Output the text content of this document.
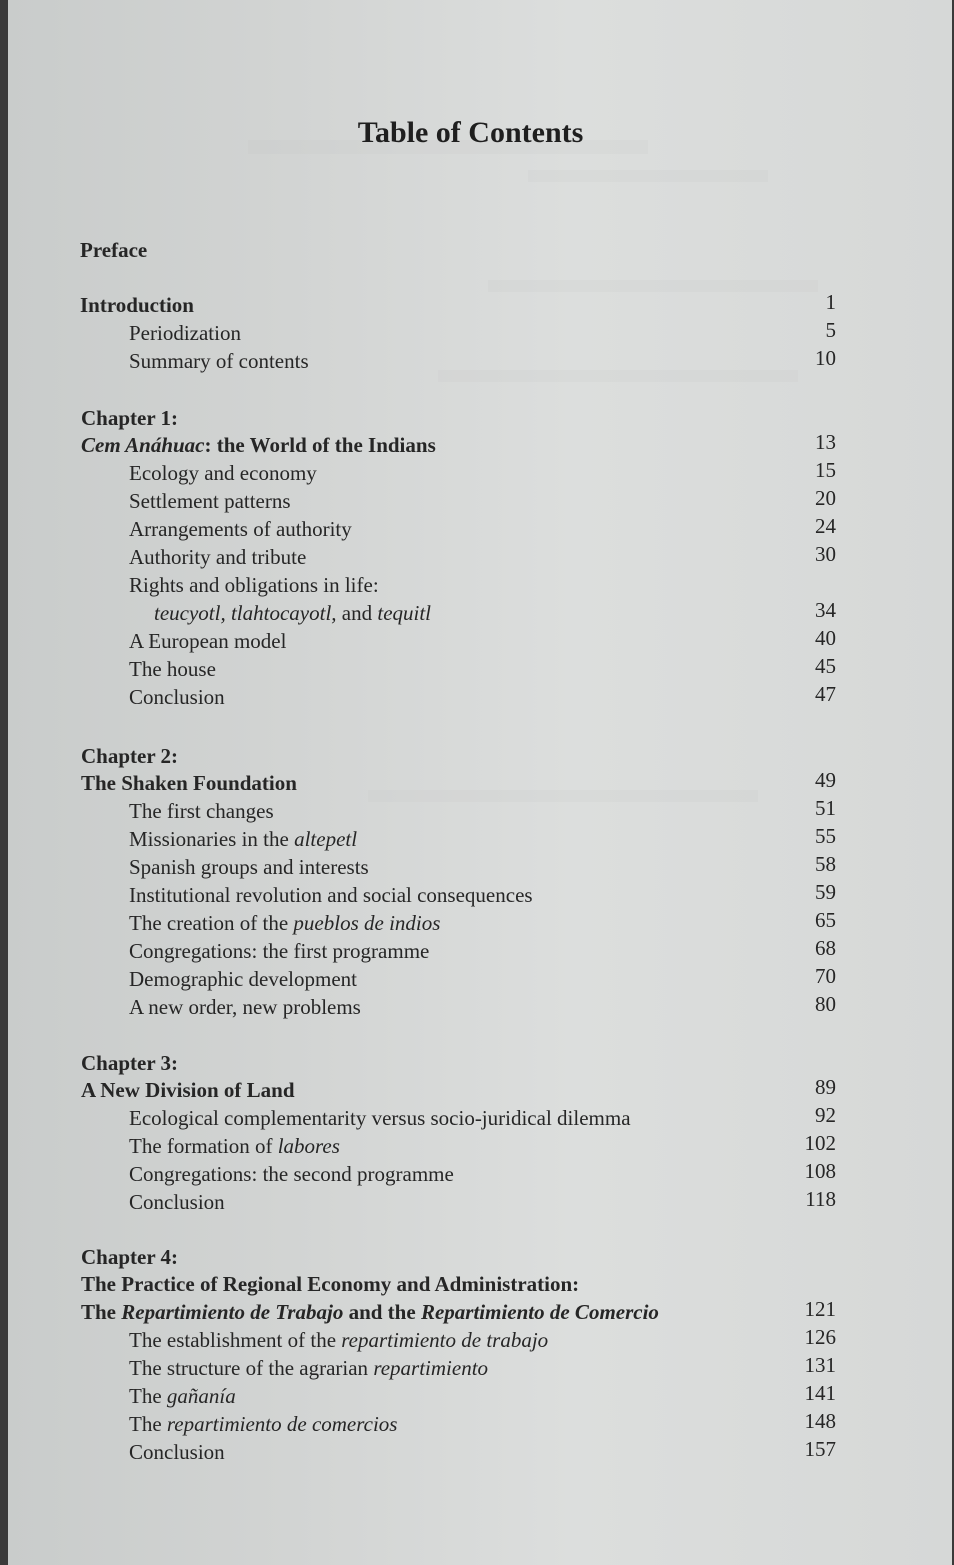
Table of Contents
Preface
Introduction	1
Periodization	5
Summary of contents	10
Chapter 1:
Cem Anáhuac: the World of the Indians	13
Ecology and economy	15
Settlement patterns	20
Arrangements of authority	24
Authority and tribute	30
Rights and obligations in life:
teucyotl, tlahtocayotl, and tequitl	34
A European model	40
The house	45
Conclusion	47
Chapter 2:
The Shaken Foundation	49
The first changes	51
Missionaries in the altepetl	55
Spanish groups and interests	58
Institutional revolution and social consequences	59
The creation of the pueblos de indios	65
Congregations: the first programme	68
Demographic development	70
A new order, new problems	80
Chapter 3:
A New Division of Land	89
Ecological complementarity versus socio-juridical dilemma	92
The formation of labores	102
Congregations: the second programme	108
Conclusion	118
Chapter 4:
The Practice of Regional Economy and Administration:
The Repartimiento de Trabajo and the Repartimiento de Comercio	121
The establishment of the repartimiento de trabajo	126
The structure of the agrarian repartimiento	131
The gañanía	141
The repartimiento de comercios	148
Conclusion	157
